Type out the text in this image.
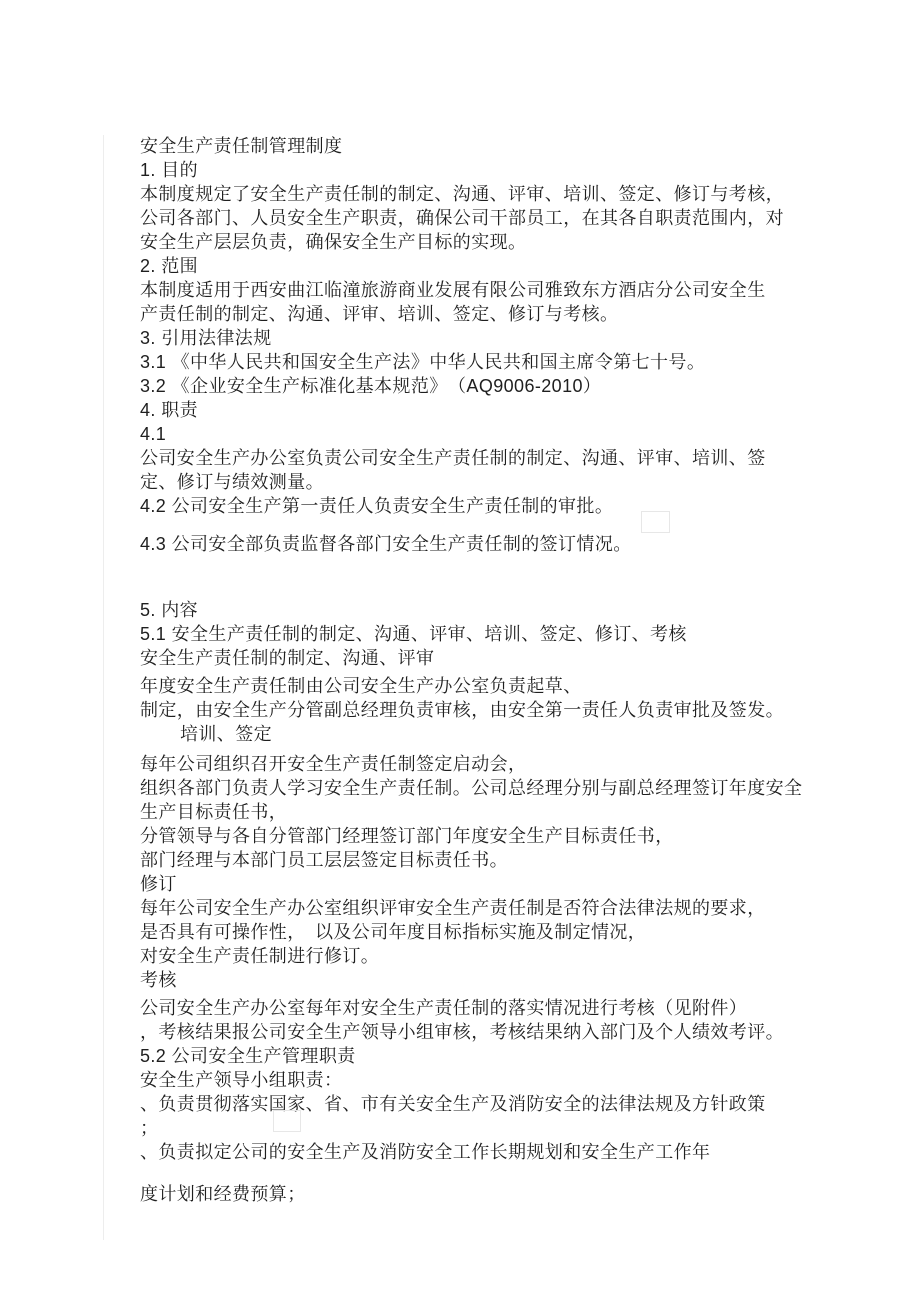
安全生产责任制管理制度
1. 目的
本制度规定了安全生产责任制的制定、沟通、评审、培训、签定、修订与考核，
公司各部门、人员安全生产职责，确保公司干部员工，在其各自职责范围内，对
安全生产层层负责，确保安全生产目标的实现。
2. 范围
本制度适用于西安曲江临潼旅游商业发展有限公司雅致东方酒店分公司安全生
产责任制的制定、沟通、评审、培训、签定、修订与考核。
3. 引用法律法规
3.1 《中华人民共和国安全生产法》中华人民共和国主席令第七十号。
3.2 《企业安全生产标准化基本规范》　（AQ9006-2010）
4. 职责
4.1
公司安全生产办公室负责公司安全生产责任制的制定、沟通、评审、培训、签
定、修订与绩效测量。
4.2 公司安全生产第一责任人负责安全生产责任制的审批。
4.3 公司安全部负责监督各部门安全生产责任制的签订情况。
5. 内容
5.1 安全生产责任制的制定、沟通、评审、培训、签定、修订、考核
安全生产责任制的制定、沟通、评审
年度安全生产责任制由公司安全生产办公室负责起草、
制定，由安全生产分管副总经理负责审核，由安全第一责任人负责审批及签发。
培训、签定
每年公司组织召开安全生产责任制签定启动会，
组织各部门负责人学习安全生产责任制。公司总经理分别与副总经理签订年度安全
生产目标责任书，
分管领导与各自分管部门经理签订部门年度安全生产目标责任书，
部门经理与本部门员工层层签定目标责任书。
修订
每年公司安全生产办公室组织评审安全生产责任制是否符合法律法规的要求，
是否具有可操作性，　以及公司年度目标指标实施及制定情况，
对安全生产责任制进行修订。
考核
公司安全生产办公室每年对安全生产责任制的落实情况进行考核（见附件）
，考核结果报公司安全生产领导小组审核，考核结果纳入部门及个人绩效考评。
5.2 公司安全生产管理职责
安全生产领导小组职责：
、负责贯彻落实国家、省、市有关安全生产及消防安全的法律法规及方针政策
；
、负责拟定公司的安全生产及消防安全工作长期规划和安全生产工作年
度计划和经费预算；
